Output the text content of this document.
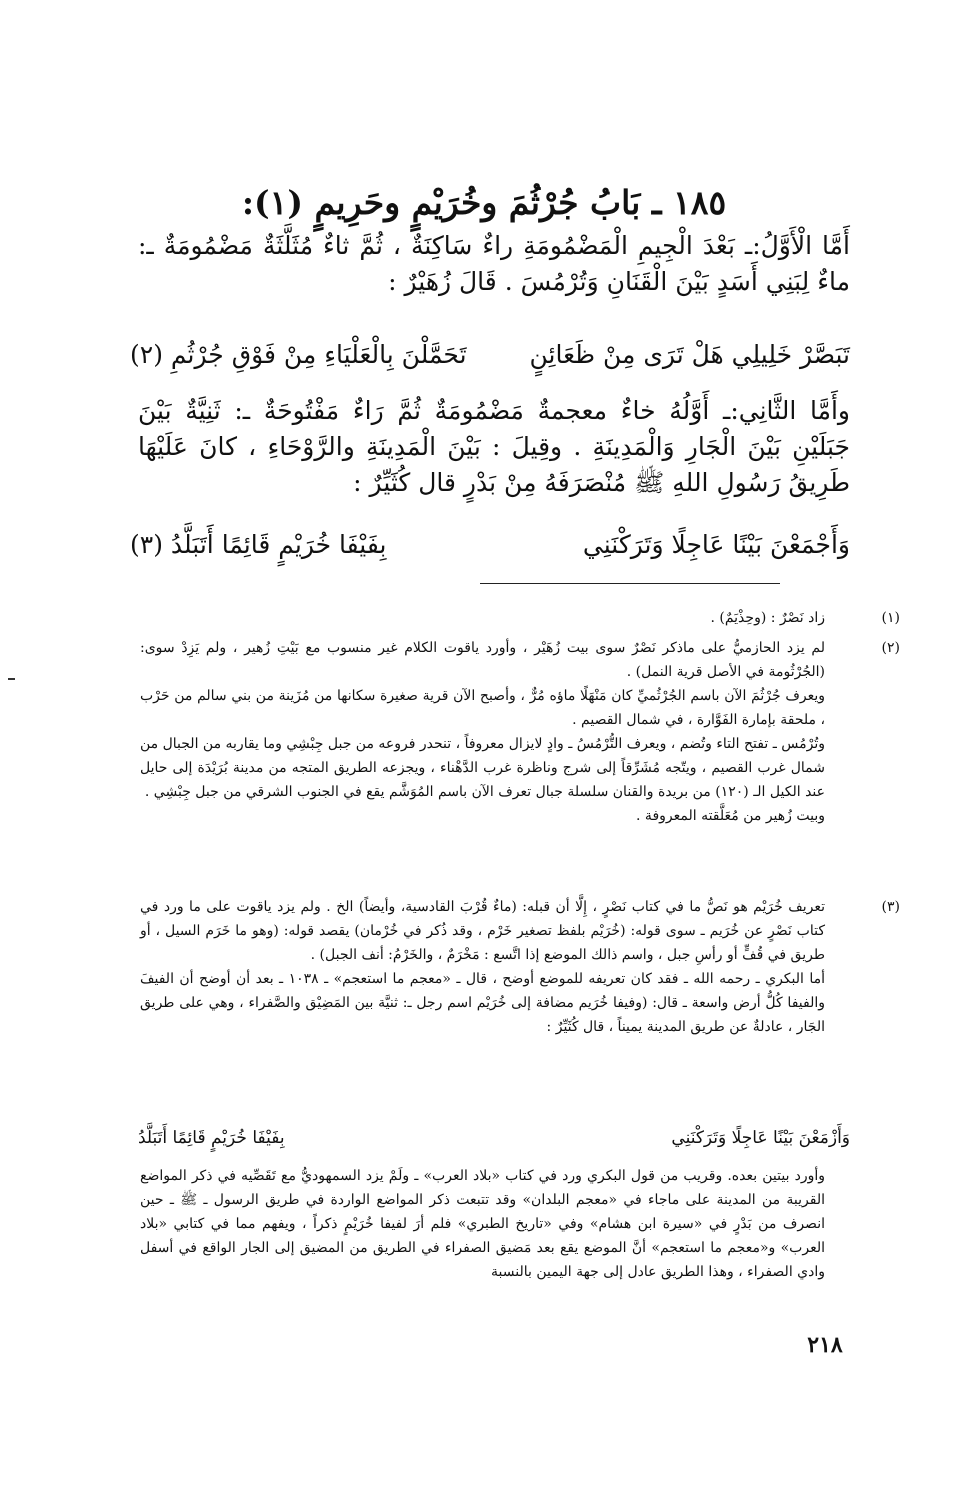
١٨٥ ـ بَابُ جُرْثُمَ وخُرَيْمٍ وحَرِيمٍ (١):
أَمَّا الْأَوَّلُ:ـ بَعْدَ الْجِيمِ الْمَضْمُومَةِ راءٌ سَاكِنَةٌ ، ثُمَّ ثاءٌ مُثَلَّثَةٌ مَضْمُومَةٌ ـ: ماءٌ لِبَنِي أَسَدٍ بَيْنَ الْقَنَانِ وَتُرْمُسَ . قَالَ زُهَيْرٌ :
تَبَصَّرْ خَلِيلِي هَلْ تَرَى مِنْ ظَعَائِنٍ
تَحَمَّلْنَ بِالْعَلْيَاءِ مِنْ فَوْقِ جُرْثُمِ (٢)
وأَمَّا الثَّانِي:ـ أَوَّلُهُ خاءٌ معجمةٌ مَضْمُومَةٌ ثُمَّ رَاءٌ مَفْتُوحَةٌ ـ: ثَنِيَّةٌ بَيْنَ جَبَلَيْنِ بَيْنَ الْجَارِ وَالْمَدِينَةِ . وقِيلَ : بَيْنَ الْمَدِينَةِ والرَّوْحَاءِ ، كانَ عَلَيْهَا طَرِيقُ رَسُولِ اللهِ ﷺ مُنْصَرَفَهُ مِنْ بَدْرٍ قال كُثَيِّرٌ :
وَأَجْمَعْنَ بَيْنًا عَاجِلًا وَتَرَكْنَنِي
بِفَيْفَا خُرَيْمٍ قَائِمًا أَتَبَلَّدُ (٣)
(١)

زاد نَصْرٌ : (وحِذْيَمٌ) .

(٢)

لم يزد الحازميُّ على ماذكر نَصْرٌ سوى بيت زُهَيْر ، وأورد ياقوت الكلام غير منسوب مع بَيْتِ زُهير ، ولم يَزِدْ سوى: (الجُرْثُومة في الأصل قرية النمل) .

ويعرف جُرْثُمَ الآن باسم الجُرْثُميِّ كان مَنْهَلًا ماؤه مُرٌّ ، وأصبح الآن قرية صغيرة سكانها من مُزَينة من بني سالم من حَرْب ، ملحقة بإمارة الفَوَّارة ، في شمال القصيم .

وتُرْمُس ـ تفتح التاء وتُضم ، ويعرف التُّرْمُسُ ـ وادٍ لايزال معروفاً ، تنحدر فروعه من جبل جِبْشِي وما يقاربه من الجبال من شمال غرب القصيم ، ويتّجه مُشَرِّقاً إلى شرج وناظرة غرب الدَّهْناء ، ويجزعه الطريق المتجه من مدينة بُرَيْدَة إلى حايل عند الكيل الـ (١٢٠) من بريدة والقنان سلسلة جبال تعرف الآن باسم المُوَشَّم يقع في الجنوب الشرقي من جبل جِبْشِي .

وبيت زُهير من مُعَلَّقته المعروفة .

(٣)

تعريف خُرَيْم هو نَصُّ ما في كتاب نَصْرٍ ، إِلَّا أن قبله: (ماءٌ قُرْبَ القادسية، وأيضاً) الخ . ولم يزد ياقوت على ما ورد في كتاب نَصْرٍ عن خُرَيم ـ سوى قوله: (خُرَيْم بلفظ تصغير خَرْم ، وقد ذُكر في خُرْمان) يقصد قوله: (وهو ما خَرَم السيل ، أو طريق في قُفٍّ أو رأسِ جبل ، واسم ذالك الموضع إذا اتَّسع : مَخْرَمٌ ، والخَرْمُ: أنف الجبل) .

أما البكري ـ رحمه الله ـ فقد كان تعريفه للموضع أوضح ، قال ـ «معجم ما استعجم» ـ ١٠٣٨ ـ بعد أن أوضح أن الفيفَ والفيفا كُلُّ أرض واسعة ـ قال: (وفيفا خُرَيم مضافة إلى خُرَيْم اسم رجل ـ: ثنيَّة بين المَضِيْق والصَّفراء ، وهي على طريق الجَار ، عادلةٌ عن طريق المدينة يميناً ، قال كُثَيِّرٌ :

وَأَزْمَعْنَ بَيْنًا عَاجِلًا وَتَرَكْنَنِي
بِفَيْفَا خُرَيْمٍ قَائِمًا أَتَبَلَّدُ

وأورد بيتين بعده. وقريب من قول البكري ورد في كتاب «بلاد العرب» ـ ولَمْ يزد السمهوديُّ مع تَقَصِّيه في ذكر المواضع القريبة من المدينة على ماجاء في «معجم البلدان» وقد تتبعت ذكر المواضع الواردة في طريق الرسول ـ ﷺ ـ حين انصرف من بَدْرٍ في «سيرة ابن هشام» وفي «تاريخ الطبري» فلم أرَ لفيفا خُرَيْمٍ ذكراً ، ويفهم مما في كتابي «بلاد العرب» و«معجم ما استعجم» أنَّ الموضع يقع بعد مَضيق الصفراء في الطريق من المضيق إلى الجار الواقع في أسفل وادي الصفراء ، وهذا الطريق عادل إلى جهة اليمين بالنسبة

٢١٨
